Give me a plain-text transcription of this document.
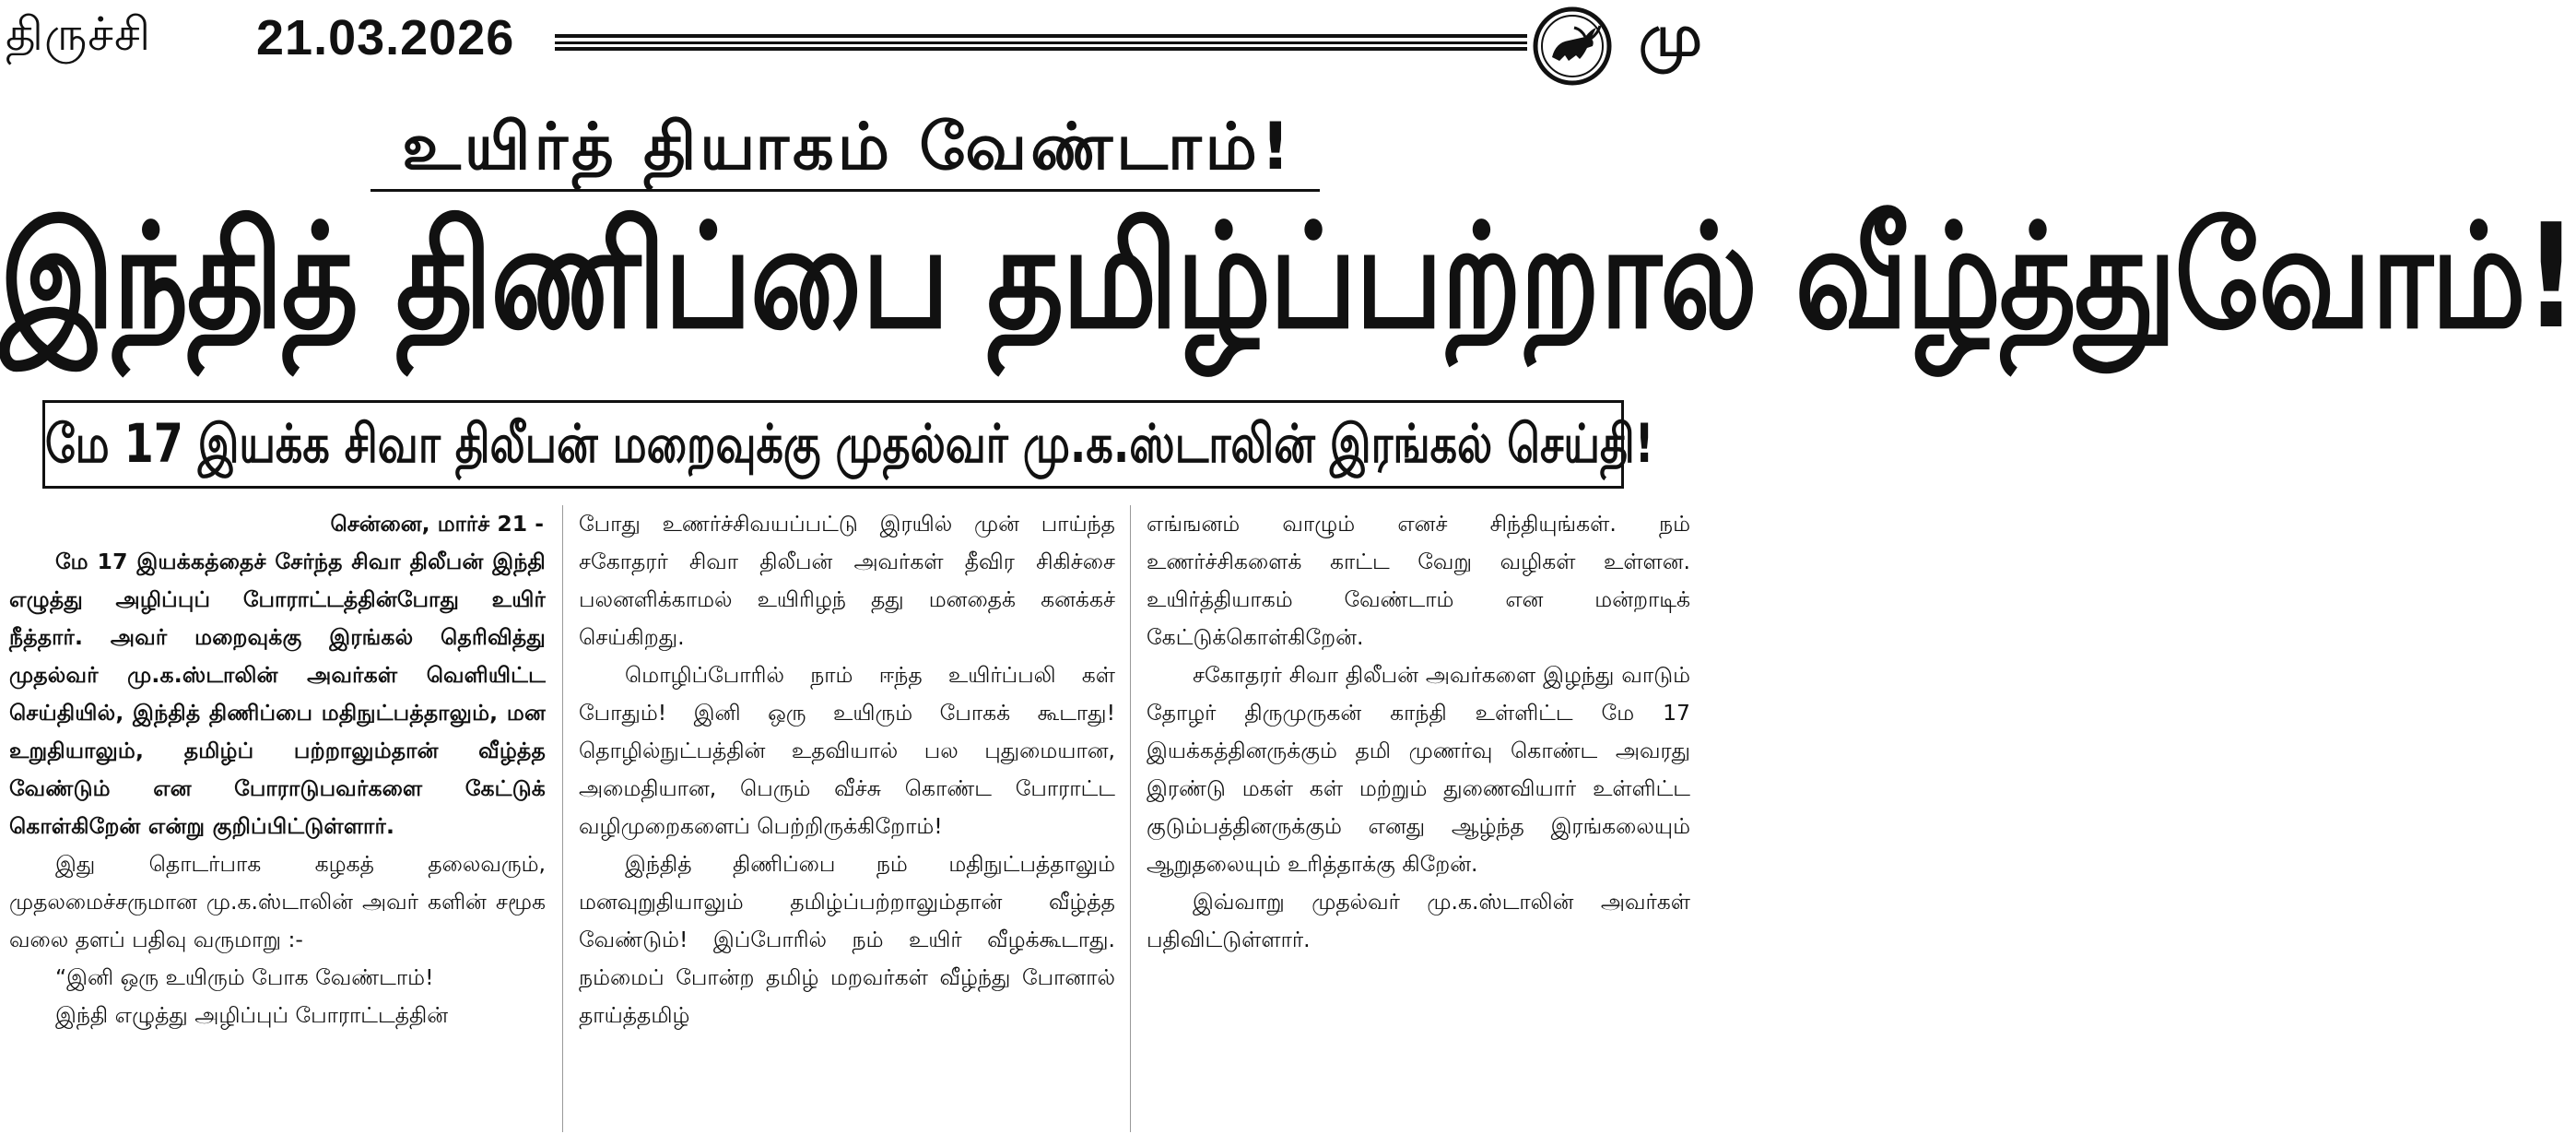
திருச்சி 21.03.2026	மு
உயிர்த் தியாகம் வேண்டாம்!
இந்தித் திணிப்பை தமிழ்ப்பற்றால் வீழ்த்துவோம்!
மே 17 இயக்க சிவா திலீபன் மறைவுக்கு முதல்வர் மு.க.ஸ்டாலின் இரங்கல் செய்தி!

சென்னை, மார்ச் 21 -

மே 17 இயக்கத்தைச் சேர்ந்த சிவா திலீபன் இந்தி எழுத்து அழிப்புப் போராட்டத்தின்போது உயிர் நீத்தார். அவர் மறைவுக்கு இரங்கல் தெரிவித்து முதல்வர் மு.க.ஸ்டாலின் அவர்கள் வெளியிட்ட செய்தியில், இந்தித் திணிப்பை மதிநுட்பத்தாலும், மன உறுதியாலும், தமிழ்ப் பற்றாலும்தான் வீழ்த்த வேண்டும் என போராடுபவர்களை கேட்டுக் கொள்கிறேன் என்று குறிப்பிட்டுள்ளார்.

இது தொடர்பாக கழகத் தலைவரும், முதலமைச்சருமான மு.க.ஸ்டாலின் அவர் களின் சமூக வலை தளப் பதிவு வருமாறு :-

“இனி ஒரு உயிரும் போக வேண்டாம்!

இந்தி எழுத்து அழிப்புப் போராட்டத்தின்

போது உணர்ச்சிவயப்பட்டு இரயில் முன் பாய்ந்த சகோதரர் சிவா திலீபன் அவர்கள் தீவிர சிகிச்சை பலனளிக்காமல் உயிரிழந் தது மனதைக் கனக்கச் செய்கிறது.

மொழிப்போரில் நாம் ஈந்த உயிர்ப்பலி கள் போதும்! இனி ஒரு உயிரும் போகக் கூடாது! தொழில்நுட்பத்தின் உதவியால் பல புதுமையான, அமைதியான, பெரும் வீச்சு கொண்ட போராட்ட வழிமுறைகளைப் பெற்றிருக்கிறோம்!

இந்தித் திணிப்பை நம் மதிநுட்பத்தாலும் மனவுறுதியாலும் தமிழ்ப்பற்றாலும்தான் வீழ்த்த வேண்டும்! இப்போரில் நம் உயிர் வீழக்கூடாது. நம்மைப் போன்ற தமிழ் மறவர்கள் வீழ்ந்து போனால் தாய்த்தமிழ்

எங்ஙனம் வாழும் எனச் சிந்தியுங்கள். நம் உணர்ச்சிகளைக் காட்ட வேறு வழிகள் உள்ளன. உயிர்த்தியாகம் வேண்டாம் என மன்றாடிக் கேட்டுக்கொள்கிறேன்.

சகோதரர் சிவா திலீபன் அவர்களை இழந்து வாடும் தோழர் திருமுருகன் காந்தி உள்ளிட்ட மே 17 இயக்கத்தினருக்கும் தமி முணர்வு கொண்ட அவரது இரண்டு மகள் கள் மற்றும் துணைவியார் உள்ளிட்ட குடும்பத்தினருக்கும் எனது ஆழ்ந்த இரங்கலையும் ஆறுதலையும் உரித்தாக்கு கிறேன்.

இவ்வாறு முதல்வர் மு.க.ஸ்டாலின் அவர்கள் பதிவிட்டுள்ளார்.
